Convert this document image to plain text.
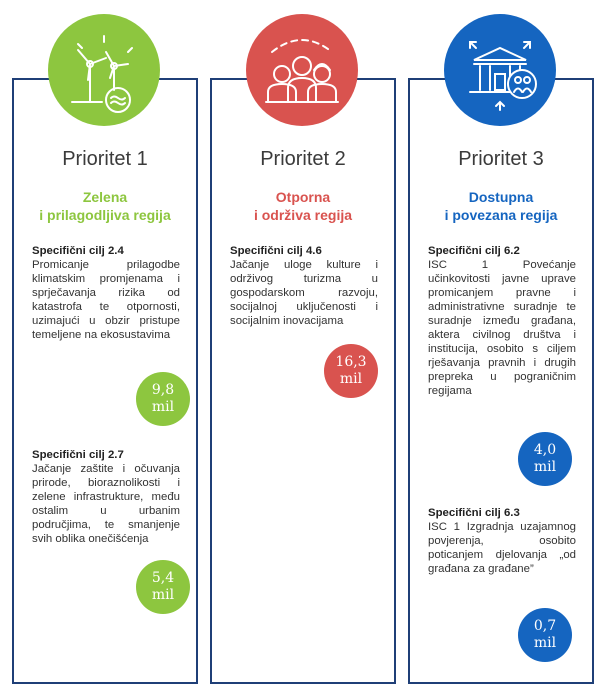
Prioritet 1
Zelena
i prilagodljiva regija
Specifični cilj 2.4
Promicanje prilagodbe klimatskim promjenama i sprječavanja rizika od katastrofa te otpornosti, uzimajući u obzir pristupe temeljene na ekosustavima
9,8
mil
Specifični cilj 2.7
Jačanje zaštite i očuvanja prirode, bioraznolikosti i zelene infrastrukture, među ostalim u urbanim područjima, te smanjenje svih oblika onečišćenja
5,4
mil
Prioritet 2
Otporna
i održiva regija
Specifični cilj 4.6
Jačanje uloge kulture i održivog turizma u gospodarskom razvoju, socijalnoj uključenosti i socijalnim inovacijama
16,3
mil
Prioritet 3
Dostupna
i povezana regija
Specifični cilj 6.2
ISC 1 Povećanje učinkovitosti javne uprave promicanjem pravne i administrativne suradnje te suradnje između građana, aktera civilnog društva i institucija, osobito s ciljem rješavanja pravnih i drugih prepreka u pograničnim regijama
4,0
mil
Specifični cilj 6.3
ISC 1 Izgradnja uzajamnog povjerenja, osobito poticanjem djelovanja „od građana za građane”
0,7
mil
